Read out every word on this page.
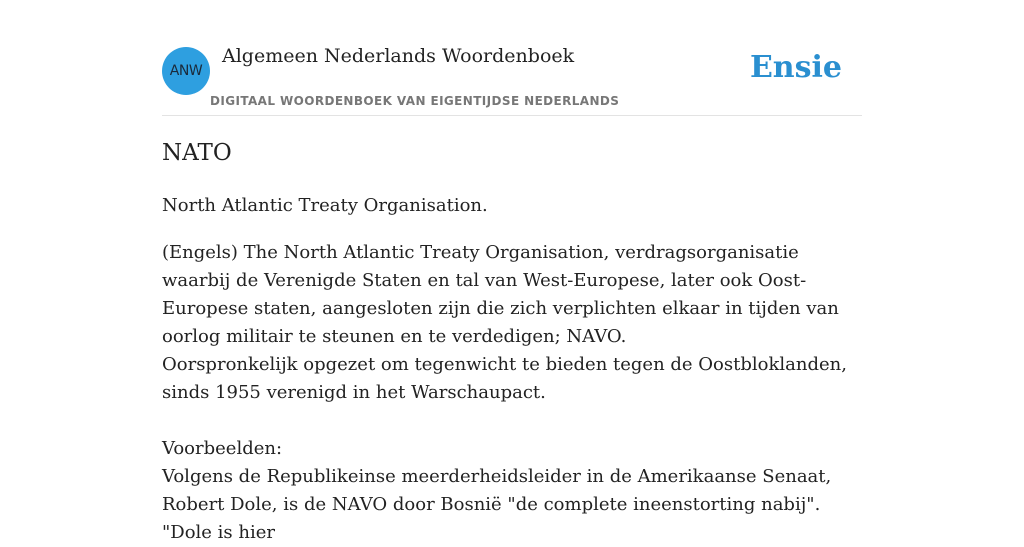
ANW
Algemeen Nederlands Woordenboek
DIGITAAL WOORDENBOEK VAN EIGENTIJDSE NEDERLANDS
Ensie
NATO

North Atlantic Treaty Organisation.

(Engels) The North Atlantic Treaty Organisation, verdragsorganisatie waarbij de Verenigde Staten en tal van West-Europese, later ook Oost-Europese staten, aangesloten zijn die zich verplichten elkaar in tijden van oorlog militair te steunen en te verdedigen; NAVO.
Oorspronkelijk opgezet om tegenwicht te bieden tegen de Oostbloklanden, sinds 1955 verenigd in het Warschaupact.

Voorbeelden:
Volgens de Republikeinse meerderheidsleider in de Amerikaanse Senaat, Robert Dole, is de NAVO door Bosnië "de complete ineenstorting nabij". "Dole is hier
